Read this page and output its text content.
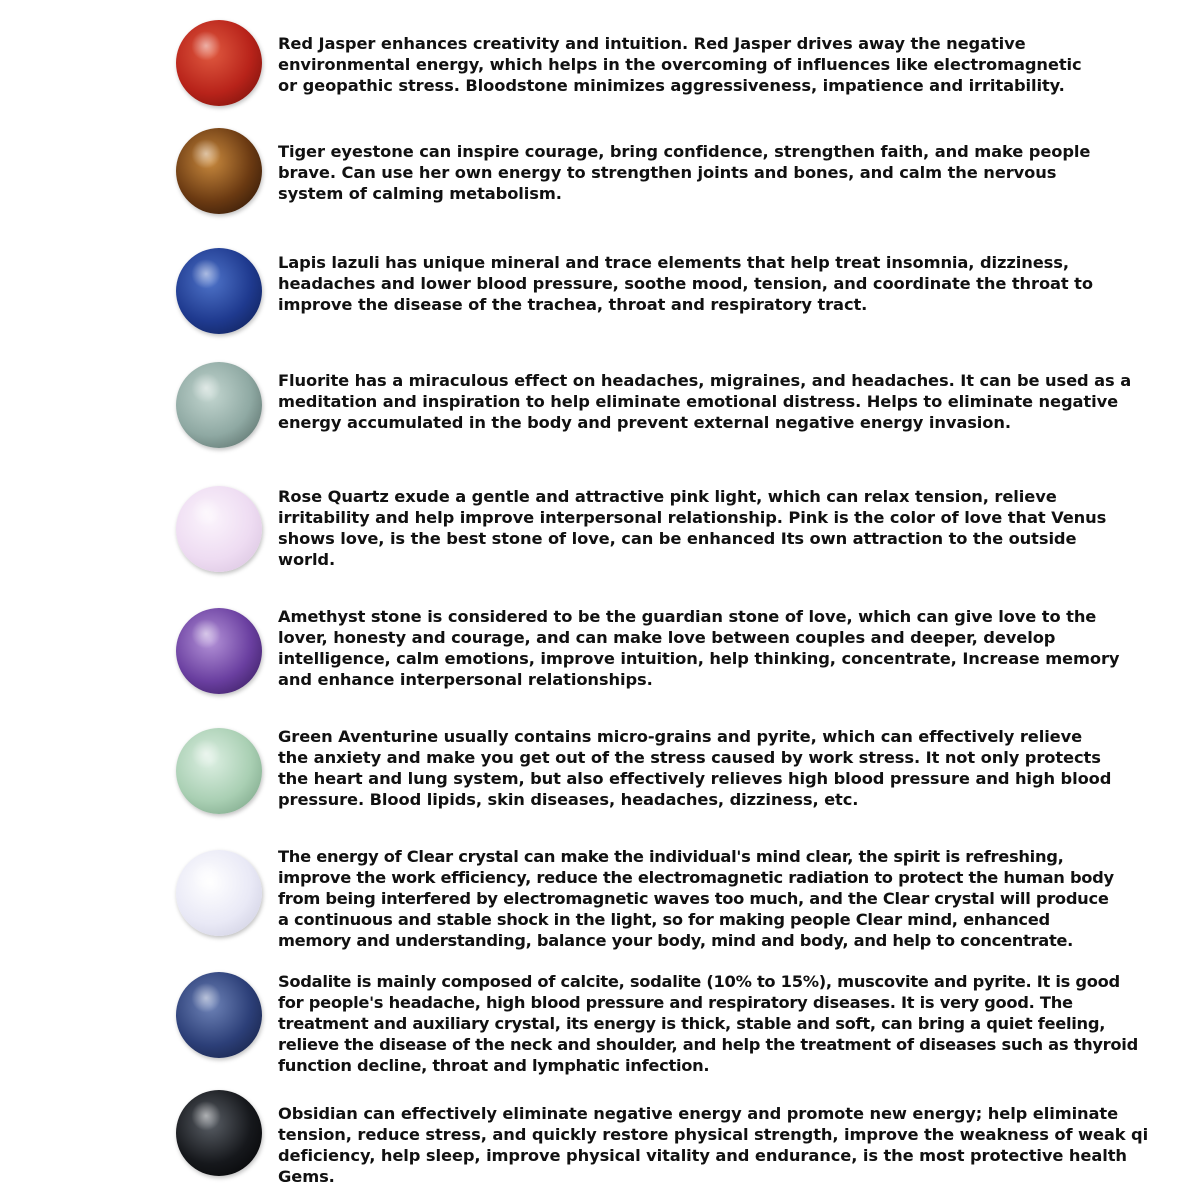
Red Jasper enhances creativity and intuition. Red Jasper drives away the negative
environmental energy, which helps in the overcoming of influences like electromagnetic
or geopathic stress. Bloodstone minimizes aggressiveness, impatience and irritability.

Tiger eyestone can inspire courage, bring confidence, strengthen faith, and make people
brave. Can use her own energy to strengthen joints and bones, and calm the nervous
system of calming metabolism.

Lapis lazuli has unique mineral and trace elements that help treat insomnia, dizziness,
headaches and lower blood pressure, soothe mood, tension, and coordinate the throat to
improve the disease of the trachea, throat and respiratory tract.

Fluorite has a miraculous effect on headaches, migraines, and headaches. It can be used as a
meditation and inspiration to help eliminate emotional distress. Helps to eliminate negative
energy accumulated in the body and prevent external negative energy invasion.

Rose Quartz exude a gentle and attractive pink light, which can relax tension, relieve
irritability and help improve interpersonal relationship. Pink is the color of love that Venus
shows love, is the best stone of love, can be enhanced Its own attraction to the outside
world.

Amethyst stone is considered to be the guardian stone of love, which can give love to the
lover, honesty and courage, and can make love between couples and deeper, develop
intelligence, calm emotions, improve intuition, help thinking, concentrate, Increase memory
and enhance interpersonal relationships.

Green Aventurine usually contains micro-grains and pyrite, which can effectively relieve
the anxiety and make you get out of the stress caused by work stress. It not only protects
the heart and lung system, but also effectively relieves high blood pressure and high blood
pressure. Blood lipids, skin diseases, headaches, dizziness, etc.

The energy of Clear crystal can make the individual's mind clear, the spirit is refreshing,
improve the work efficiency, reduce the electromagnetic radiation to protect the human body
from being interfered by electromagnetic waves too much, and the Clear crystal will produce
a continuous and stable shock in the light, so for making people Clear mind, enhanced
memory and understanding, balance your body, mind and body, and help to concentrate.

Sodalite is mainly composed of calcite, sodalite (10% to 15%), muscovite and pyrite. It is good
for people's headache, high blood pressure and respiratory diseases. It is very good. The
treatment and auxiliary crystal, its energy is thick, stable and soft, can bring a quiet feeling,
relieve the disease of the neck and shoulder, and help the treatment of diseases such as thyroid
function decline, throat and lymphatic infection.

Obsidian can effectively eliminate negative energy and promote new energy; help eliminate
tension, reduce stress, and quickly restore physical strength, improve the weakness of weak qi
deficiency, help sleep, improve physical vitality and endurance, is the most protective health
Gems.
